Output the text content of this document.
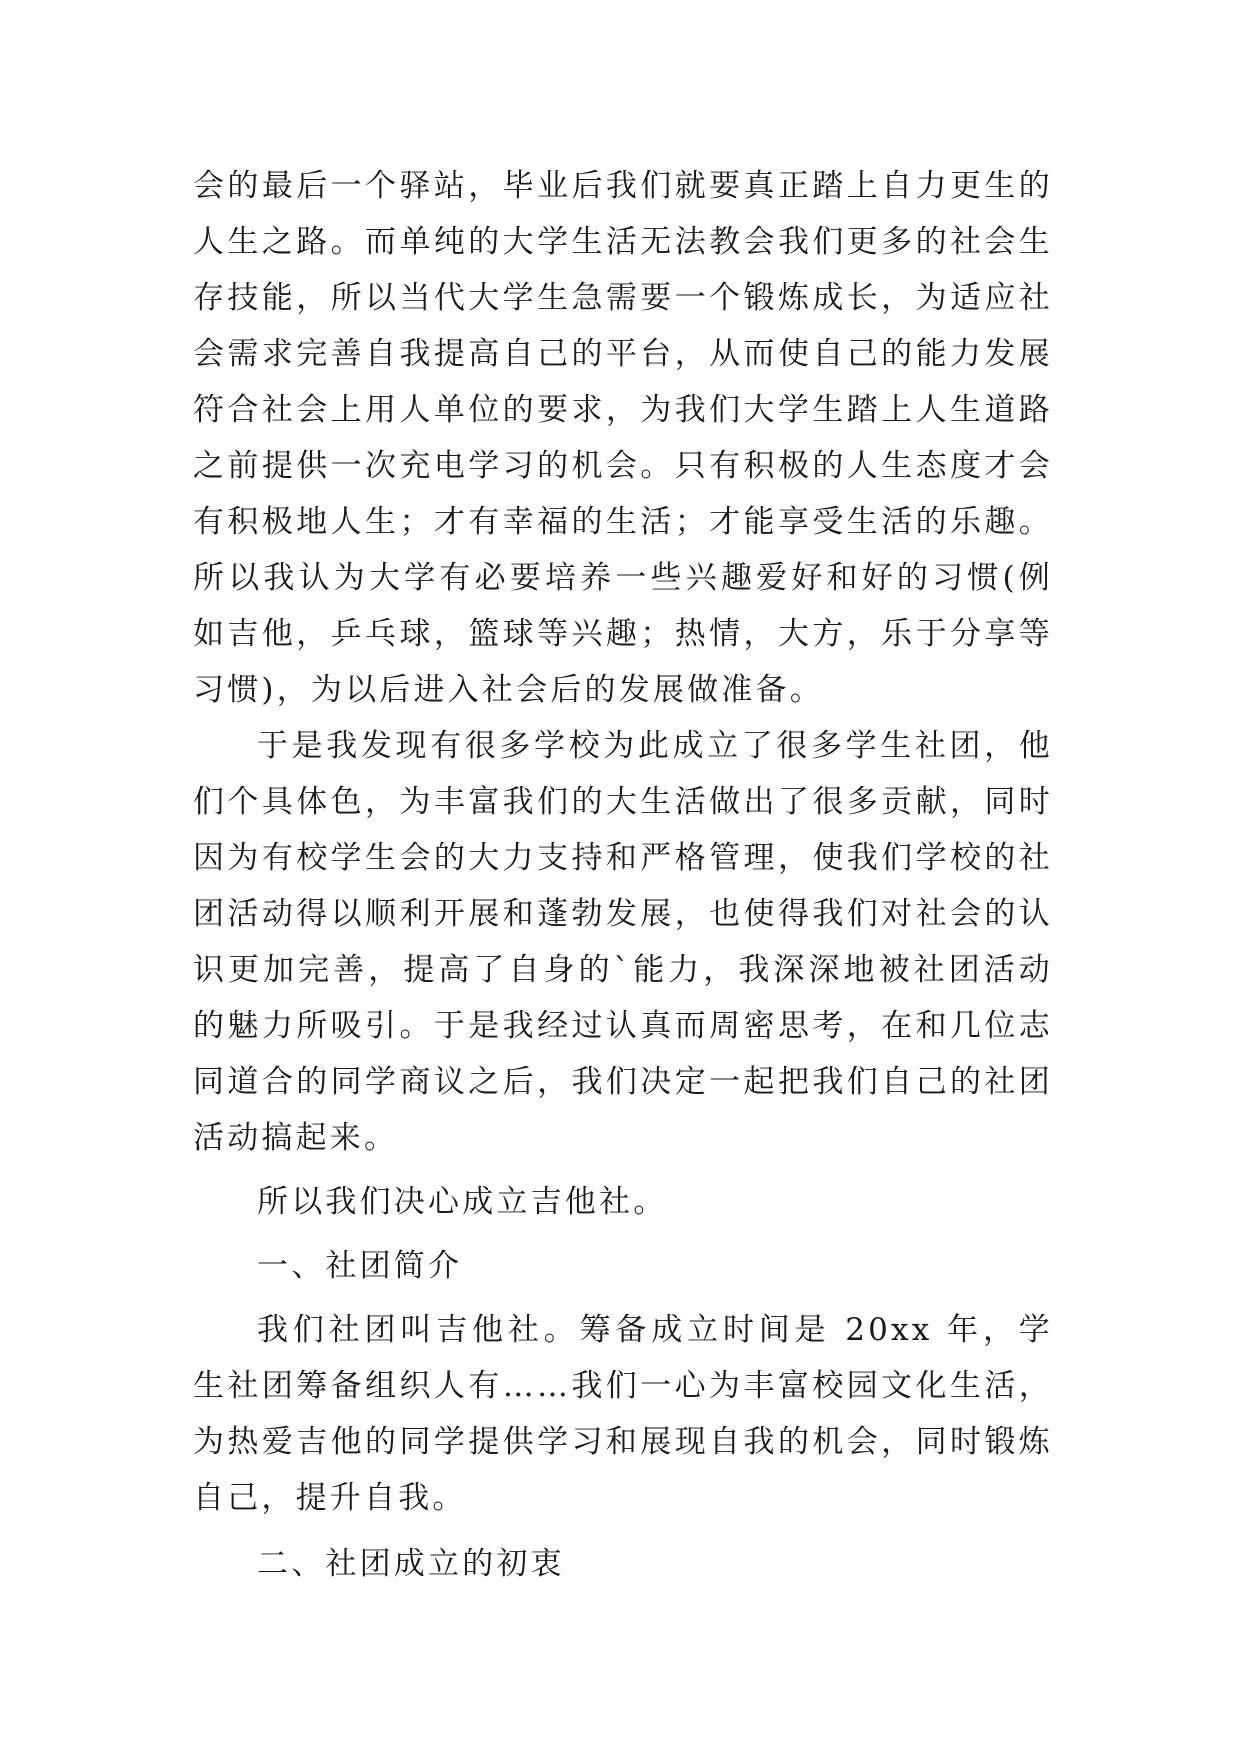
会的最后一个驿站，毕业后我们就要真正踏上自力更生的人生之路。而单纯的大学生活无法教会我们更多的社会生存技能，所以当代大学生急需要一个锻炼成长，为适应社会需求完善自我提高自己的平台，从而使自己的能力发展符合社会上用人单位的要求，为我们大学生踏上人生道路之前提供一次充电学习的机会。只有积极的人生态度才会有积极地人生；才有幸福的生活；才能享受生活的乐趣。所以我认为大学有必要培养一些兴趣爱好和好的习惯(例如吉他，乒乓球，篮球等兴趣；热情，大方，乐于分享等习惯)，为以后进入社会后的发展做准备。

于是我发现有很多学校为此成立了很多学生社团，他们个具体色，为丰富我们的大生活做出了很多贡献，同时因为有校学生会的大力支持和严格管理，使我们学校的社团活动得以顺利开展和蓬勃发展，也使得我们对社会的认识更加完善，提高了自身的`能力，我深深地被社团活动的魅力所吸引。于是我经过认真而周密思考，在和几位志同道合的同学商议之后，我们决定一起把我们自己的社团活动搞起来。

所以我们决心成立吉他社。

一、社团简介

我们社团叫吉他社。筹备成立时间是 20xx 年，学生社团筹备组织人有……我们一心为丰富校园文化生活，为热爱吉他的同学提供学习和展现自我的机会，同时锻炼自己，提升自我。

二、社团成立的初衷
